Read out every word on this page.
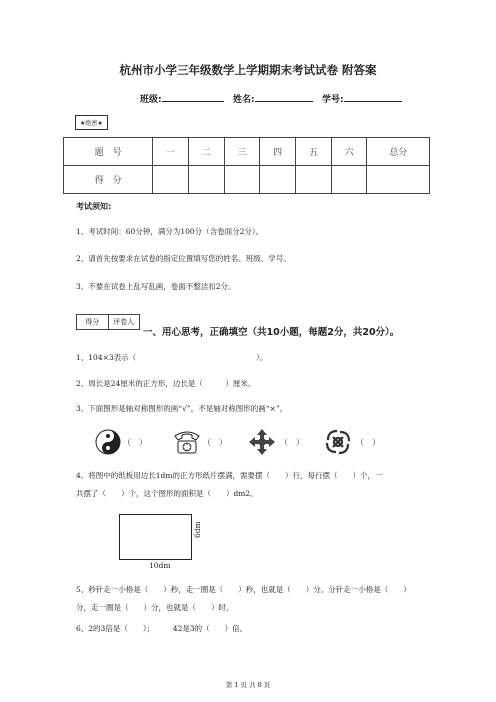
杭州市小学三年级数学上学期期末考试试卷 附答案
班级:	姓名:	学号:
★绝密★
题　号	一	二	三	四	五	六	总分
得　分							
考试须知:
1、考试时间：60分钟，满分为100分（含卷面分2分）。
2、请首先按要求在试卷的指定位置填写您的姓名、班级、学号。
3、不要在试卷上乱写乱画，卷面不整洁扣2分。
得分	评卷人
一、用心思考，正确填空（共10小题，每题2分，共20分）。
1、104×3表示（　　　　　　　　　　　　　　　　）。
2、周长是24厘米的正方形，边长是（　　　）厘米。
3、下面图形是轴对称图形的画“√”，不是轴对称图形的画“×”。
（　）	（　）	（　）	（　）
4、将图中的纸板用边长1dm的正方形纸片摆满，需要摆（　　）行，每行摆（　　）个，一
共摆了（　　）个，这个图形的面积是（　　）dm2。
10dm
6dm
5、秒针走一小格是（　　）秒，走一圈是（　　）秒，也就是（　　）分。分针走一小格是（　　）
分，走一圈是（　　）分，也就是（　　）时。
6、2的3倍是（　　）；　　　42是3的（　　）倍。
第 1 页 共 8 页
